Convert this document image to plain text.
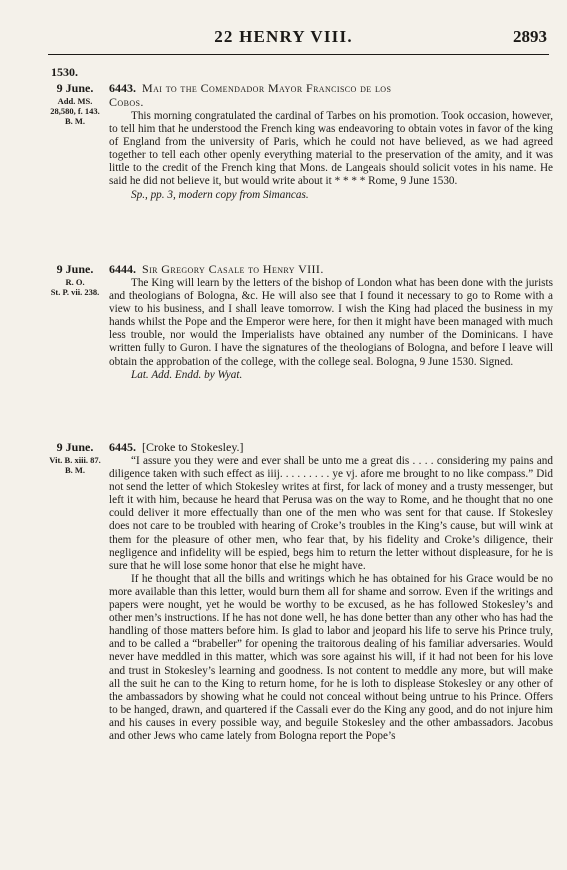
22 HENRY VIII.	2893
1530.
9 June.
Add. MS.
28,580, f. 143.
B. M.

6443. Mai to the Comendador Mayor Francisco de los
Cobos.

This morning congratulated the cardinal of Tarbes on his promotion. Took occasion, however, to tell him that he understood the French king was endeavoring to obtain votes in favor of the king of England from the university of Paris, which he could not have believed, as we had agreed together to tell each other openly everything material to the preservation of the amity, and it was little to the credit of the French king that Mons. de Langeais should solicit votes in his name. He said he did not believe it, but would write about it * * * * Rome, 9 June 1530.

Sp., pp. 3, modern copy from Simancas.

9 June.
R. O.
St. P. vii. 238.

6444. Sir Gregory Casale to Henry VIII.

The King will learn by the letters of the bishop of London what has been done with the jurists and theologians of Bologna, &c. He will also see that I found it necessary to go to Rome with a view to his business, and I shall leave tomorrow. I wish the King had placed the business in my hands whilst the Pope and the Emperor were here, for then it might have been managed with much less trouble, nor would the Imperialists have obtained any number of the Dominicans. I have written fully to Guron. I have the signatures of the theologians of Bologna, and before I leave will obtain the approbation of the college, with the college seal. Bologna, 9 June 1530. Signed.

Lat. Add. Endd. by Wyat.

9 June.
Vit. B. xiii. 87.
B. M.

6445. [Croke to Stokesley.]

“I assure you they were and ever shall be unto me a great dis . . . . considering my pains and diligence taken with such effect as iiij. . . . . . . . . ye vj. afore me brought to no like compass.” Did not send the letter of which Stokesley writes at first, for lack of money and a trusty messenger, but left it with him, because he heard that Perusa was on the way to Rome, and he thought that no one could deliver it more effectually than one of the men who was sent for that cause. If Stokesley does not care to be troubled with hearing of Croke’s troubles in the King’s cause, but will wink at them for the pleasure of other men, who fear that, by his fidelity and Croke’s diligence, their negligence and infidelity will be espied, begs him to return the letter without displeasure, for he is sure that he will lose some honor that else he might have.

If he thought that all the bills and writings which he has obtained for his Grace would be no more available than this letter, would burn them all for shame and sorrow. Even if the writings and papers were nought, yet he would be worthy to be excused, as he has followed Stokesley’s and other men’s instructions. If he has not done well, he has done better than any other who has had the handling of those matters before him. Is glad to labor and jeopard his life to serve his Prince truly, and to be called a “brabeller” for opening the traitorous dealing of his familiar adversaries. Would never have meddled in this matter, which was sore against his will, if it had not been for his love and trust in Stokesley’s learning and goodness. Is not content to meddle any more, but will make all the suit he can to the King to return home, for he is loth to displease Stokesley or any other of the ambassadors by showing what he could not conceal without being untrue to his Prince. Offers to be hanged, drawn, and quartered if the Cassali ever do the King any good, and do not injure him and his causes in every possible way, and beguile Stokesley and the other ambassadors. Jacobus and other Jews who came lately from Bologna report the Pope’s
